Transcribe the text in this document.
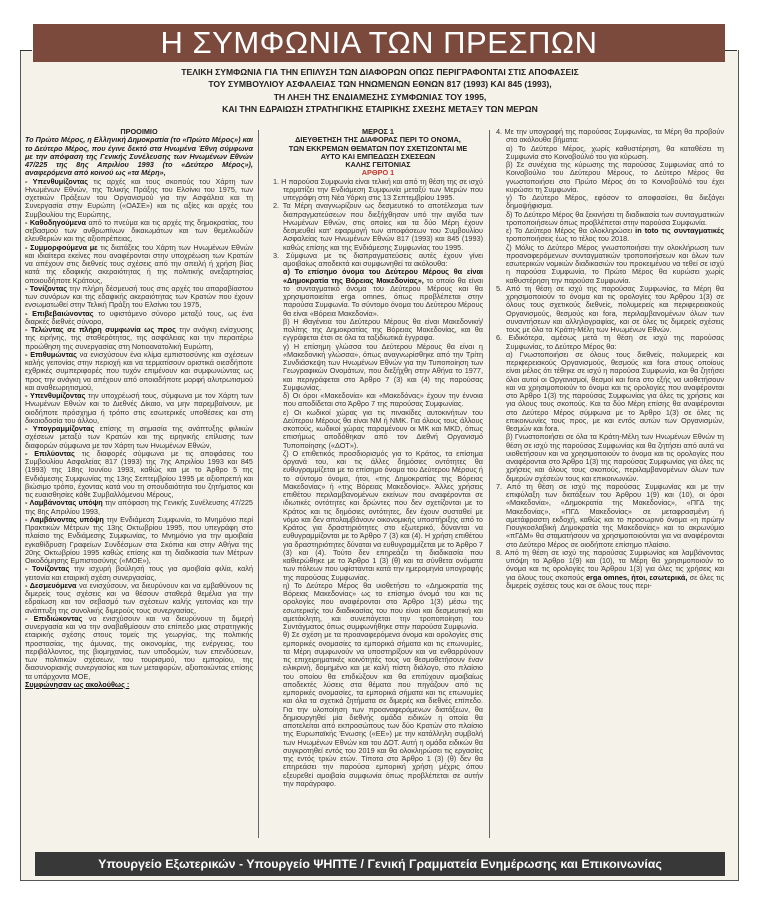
Η ΣΥΜΦΩΝΙΑ ΤΩΝ ΠΡΕΣΠΩΝ
ΤΕΛΙΚΗ ΣΥΜΦΩΝΙΑ ΓΙΑ ΤΗΝ ΕΠΙΛΥΣΗ ΤΩΝ ΔΙΑΦΟΡΩΝ ΟΠΩΣ ΠΕΡΙΓΡΑΦΟΝΤΑΙ ΣΤΙΣ ΑΠΟΦΑΣΕΙΣ
ΤΟΥ ΣΥΜΒΟΥΛΙΟΥ ΑΣΦΑΛΕΙΑΣ ΤΩΝ ΗΝΩΜΕΝΩΝ ΕΘΝΩΝ 817 (1993) ΚΑΙ 845 (1993),
ΤΗ ΛΗΞΗ ΤΗΣ ΕΝΔΙΑΜΕΣΗΣ ΣΥΜΦΩΝΙΑΣ ΤΟΥ 1995,
ΚΑΙ ΤΗΝ ΕΔΡΑΙΩΣΗ ΣΤΡΑΤΗΓΙΚΗΣ ΕΤΑΙΡΙΚΗΣ ΣΧΕΣΗΣ ΜΕΤΑΞΥ ΤΩΝ ΜΕΡΩΝ

ΠΡΟΟΙΜΙΟ

Το Πρώτο Μέρος, η Ελληνική Δημοκρατία (το «Πρώτο Μέρος») και το Δεύτερο Μέρος, που έγινε δεκτό στα Ηνωμένα Έθνη σύμφωνα με την απόφαση της Γενικής Συνέλευσης των Ηνωμένων Εθνών 47/225 της 8ης Απριλίου 1993 (το «Δεύτερο Μέρος»), αναφερόμενα από κοινού ως «τα Μέρη»,

- Υπενθυμίζοντας τις αρχές και τους σκοπούς του Χάρτη των Ηνωμένων Εθνών, της Τελικής Πράξης του Ελσίνκι του 1975, των σχετικών Πράξεων του Οργανισμού για την Ασφάλεια και τη Συνεργασία στην Ευρώπη («ΟΑΣΕ») και τις αξίες και αρχές του Συμβουλίου της Ευρώπης,

- Καθοδηγούμενα από το πνεύμα και τις αρχές της δημοκρατίας, του σεβασμού των ανθρωπίνων δικαιωμάτων και των θεμελιωδών ελευθεριών και της αξιοπρέπειας,

- Συμμορφούμενα με τις διατάξεις του Χάρτη των Ηνωμένων Εθνών και ιδιαίτερα εκείνες που αναφέρονται στην υποχρέωση των Κρατών να απέχουν στις διεθνείς τους σχέσεις από την απειλή ή χρήση βίας κατά της εδαφικής ακεραιότητας ή της πολιτικής ανεξαρτησίας οποιουδήποτε Κράτους,

- Τονίζοντας την πλήρη δέσμευσή τους στις αρχές του απαραβίαστου των συνόρων και της εδαφικής ακεραιότητας των Κρατών που έχουν ενσωματωθεί στην Τελική Πράξη του Ελσίνκι του 1975,

- Επιβεβαιώνοντας το υφιστάμενο σύνορο μεταξύ τους, ως ένα διαρκές διεθνές σύνορο,

- Τελώντας σε πλήρη συμφωνία ως προς την ανάγκη ενίσχυσης της ειρήνης, της σταθερότητας, της ασφάλειας και την περαιτέρω προώθηση της συνεργασίας στη Νοτιοανατολική Ευρώπη,

- Επιθυμώντας να ενισχύσουν ένα κλίμα εμπιστοσύνης και σχέσεων καλής γειτονίας στην περιοχή και να τερματίσουν οριστικά οιεσδήποτε εχθρικές συμπεριφορές που τυχόν επιμένουν και συμφωνώντας ως προς την ανάγκη να απέχουν από οποιαδήποτε μορφή αλυτρωτισμού και αναθεωρητισμού,

- Υπενθυμίζοντας την υποχρέωσή τους, σύμφωνα με τον Χάρτη των Ηνωμένων Εθνών και το Διεθνές Δίκαιο, να μην παρεμβαίνουν, με οιοδήποτε πρόσχημα ή τρόπο στις εσωτερικές υποθέσεις και στη δικαιοδοσία του άλλου,

- Υπογραμμίζοντας επίσης τη σημασία της ανάπτυξης φιλικών σχέσεων μεταξύ των Κρατών και της ειρηνικής επίλυσης των διαφορών σύμφωνα με τον Χάρτη των Ηνωμένων Εθνών,

- Επιλύοντας τις διαφορές σύμφωνα με τις αποφάσεις του Συμβουλίου Ασφαλείας 817 (1993) της 7ης Απριλίου 1993 και 845 (1993) της 18ης Ιουνίου 1993, καθώς και με το Άρθρο 5 της Ενδιάμεσης Συμφωνίας της 13ης Σεπτεμβρίου 1995 με αξιοπρεπή και βιώσιμο τρόπο, έχοντας κατά νου τη σπουδαιότητα του ζητήματος και τις ευαισθησίες κάθε Συμβαλλόμενου Μέρους,

- Λαμβάνοντας υπόψη την απόφαση της Γενικής Συνέλευσης 47/225 της 8ης Απριλίου 1993,

- Λαμβάνοντας υπόψη την Ενδιάμεση Συμφωνία, το Μνημόνιο περί Πρακτικών Μέτρων της 13ης Οκτωβρίου 1995, που υπεγράφη στο πλαίσιο της Ενδιάμεσης Συμφωνίας, το Μνημόνιο για την αμοιβαία εγκαθίδρυση Γραφείων Συνδέσμων στα Σκόπια και στην Αθήνα της 20ης Οκτωβρίου 1995 καθώς επίσης και τη διαδικασία των Μέτρων Οικοδόμησης Εμπιστοσύνης («ΜΟΕ»),

- Τονίζοντας την ισχυρή βούλησή τους για αμοιβαία φιλία, καλή γειτονία και εταιρική σχέση συνεργασίας,

- Δεσμευόμενα να ενισχύσουν, να διευρύνουν και να εμβαθύνουν τις διμερείς τους σχέσεις και να θέσουν σταθερά θεμέλια για την εδραίωση και τον σεβασμό των σχέσεων καλής γειτονίας και την ανάπτυξη της συνολικής διμερούς τους συνεργασίας,

- Επιδιώκοντας να ενισχύσουν και να διευρύνουν τη διμερή συνεργασία και να την αναβαθμίσουν στο επίπεδο μιας στρατηγικής εταιρικής σχέσης στους τομείς της γεωργίας, της πολιτικής προστασίας, της άμυνας, της οικονομίας, της ενέργειας, του περιβάλλοντος, της βιομηχανίας, των υποδομών, των επενδύσεων, των πολιτικών σχέσεων, του τουρισμού, του εμπορίου, της διασυνοριακής συνεργασίας και των μεταφορών, αξιοποιώντας επίσης τα υπάρχοντα ΜΟΕ,

Συμφώνησαν ως ακολούθως :

ΜΕΡΟΣ 1

ΔΙΕΥΘΕΤΗΣΗ ΤΗΣ ΔΙΑΦΟΡΑΣ ΠΕΡΙ ΤΟ ΟΝΟΜΑ,

ΤΩΝ ΕΚΚΡΕΜΩΝ ΘΕΜΑΤΩΝ ΠΟΥ ΣΧΕΤΙΖΟΝΤΑΙ ΜΕ

ΑΥΤΟ ΚΑΙ ΕΜΠΕΔΩΣΗ ΣΧΕΣΕΩΝ

ΚΑΛΗΣ ΓΕΙΤΟΝΙΑΣ

ΑΡΘΡΟ 1

1. Η παρούσα Συμφωνία είναι τελική και από τη θέση της σε ισχύ τερματίζει την Ενδιάμεση Συμφωνία μεταξύ των Μερών που υπεγράφη στη Νέα Υόρκη στις 13 Σεπτεμβρίου 1995.

2. Τα Μέρη αναγνωρίζουν ως δεσμευτικό το αποτέλεσμα των διαπραγματεύσεων που διεξήχθησαν υπό την αιγίδα των Ηνωμένων Εθνών, στις οποίες και τα δύο Μέρη έχουν δεσμευθεί κατ' εφαρμογή των αποφάσεων του Συμβουλίου Ασφαλείας των Ηνωμένων Εθνών 817 (1993) και 845 (1993) καθώς επίσης και της Ενδιάμεσης Συμφωνίας του 1995.

3. Σύμφωνα με τις διαπραγματεύσεις αυτές έχουν γίνει αμοιβαίως αποδεκτά και συμφωνηθεί τα ακόλουθα:

α) Το επίσημο όνομα του Δεύτερου Μέρους θα είναι «Δημοκρατία της Βόρειας Μακεδονίας», το οποίο θα είναι το συνταγματικό όνομα του Δεύτερου Μέρους και θα χρησιμοποιείται erga omnes, όπως προβλέπεται στην παρούσα Συμφωνία. Το σύντομο όνομα του Δεύτερου Μέρους θα είναι «Βόρεια Μακεδονία».

β) Η ιθαγένεια του Δεύτερου Μέρους θα είναι Μακεδονική/πολίτης της Δημοκρατίας της Βόρειας Μακεδονίας, και θα εγγράφεται έτσι σε όλα τα ταξιδιωτικά έγγραφα.

γ) Η επίσημη γλώσσα του Δεύτερου Μέρους θα είναι η «Μακεδονική γλώσσα», όπως αναγνωρίσθηκε από την Τρίτη Συνδιάσκεψη των Ηνωμένων Εθνών για την Τυποποίηση των Γεωγραφικών Ονομάτων, που διεξήχθη στην Αθήνα το 1977, και περιγράφεται στο Άρθρο 7 (3) και (4) της παρούσας Συμφωνίας.

δ) Οι όροι «Μακεδονία» και «Μακεδόνας» έχουν την έννοια που αποδίδεται στο Άρθρο 7 της παρούσας Συμφωνίας.

ε) Οι κωδικοί χώρας για τις πινακίδες αυτοκινήτων του Δεύτερου Μέρους θα είναι NM ή NMK. Για όλους τους άλλους σκοπούς, κωδικοί χώρας παραμένουν οι MK και MKD, όπως επισήμως αποδόθηκαν από τον Διεθνή Οργανισμό Τυποποίησης («ΔΟΤ»).

ζ) Ο επιθετικός προσδιορισμός για το Κράτος, τα επίσημα όργανά του, και τις άλλες δημόσιες οντότητες θα ευθυγραμμίζεται με το επίσημο όνομα του Δεύτερου Μέρους ή το σύντομο όνομα, ήτοι, «της Δημοκρατίας της Βόρειας Μακεδονίας» ή «της Βόρειας Μακεδονίας». Άλλες χρήσεις επιθέτου περιλαμβανομένων εκείνων που αναφέρονται σε ιδιωτικές οντότητες και δρώντες που δεν σχετίζονται με το Κράτος και τις δημόσιες οντότητες, δεν έχουν συσταθεί με νόμο και δεν απολαμβάνουν οικονομικής υποστήριξης από το Κράτος για δραστηριότητες στο εξωτερικό, δύνανται να ευθυγραμμίζονται με το Άρθρο 7 (3) και (4). Η χρήση επιθέτου για δραστηριότητες δύναται να ευθυγραμμίζεται με το Άρθρο 7 (3) και (4). Τούτο δεν επηρεάζει τη διαδικασία που καθιερώθηκε με το Άρθρο 1 (3) (θ) και τα σύνθετα ονόματα των πόλεων που υφίστανται κατά την ημερομηνία υπογραφής της παρούσας Συμφωνίας.

η) Το Δεύτερο Μέρος θα υιοθετήσει το «Δημοκρατία της Βόρειας Μακεδονίας» ως το επίσημο όνομά του και τις ορολογίες που αναφέρονται στο Άρθρο 1(3) μέσω της εσωτερικής του διαδικασίας του που είναι και δεσμευτική και αμετάκλητη, και συνεπάγεται την τροποποίηση του Συντάγματος όπως συμφωνήθηκε στην παρούσα Συμφωνία.

θ) Σε σχέση με τα προαναφερόμενα όνομα και ορολογίες στις εμπορικές ονομασίες τα εμπορικά σήματα και τις επωνυμίες, τα Μέρη συμφωνούν να υποστηρίξουν και να ενθαρρύνουν τις επιχειρηματικές κοινότητές τους να θεσμοθετήσουν έναν ειλικρινή, δομημένο και με καλή πίστη διάλογο, στο πλαίσιο του οποίου θα επιδιώξουν και θα επιτύχουν αμοιβαίως αποδεκτές λύσεις στα θέματα που πηγάζουν από τις εμπορικές ονομασίες, τα εμπορικά σήματα και τις επωνυμίες και όλα τα σχετικά ζητήματα σε διμερές και διεθνές επίπεδο. Για την υλοποίηση των προαναφερόμενων διατάξεων, θα δημιουργηθεί μία διεθνής ομάδα ειδικών η οποία θα αποτελείται από εκπροσώπους των δύο Κρατών στο πλαίσιο της Ευρωπαϊκής Ένωσης («ΕΕ») με την κατάλληλη συμβολή των Ηνωμένων Εθνών και του ΔΟΤ. Αυτή η ομάδα ειδικών θα συγκροτηθεί εντός του 2019 και θα ολοκληρώσει τις εργασίες της εντός τριών ετών. Τίποτα στο Άρθρο 1 (3) (θ) δεν θα επηρεάσει την παρούσα εμπορική χρήση μέχρις όπου εξευρεθεί αμοιβαία συμφωνία όπως προβλέπεται σε αυτήν την παράγραφο.

4. Με την υπογραφή της παρούσας Συμφωνίας, τα Μέρη θα προβούν στα ακόλουθα βήματα:

α) Το Δεύτερο Μέρος, χωρίς καθυστέρηση, θα καταθέσει τη Συμφωνία στο Κοινοβούλιό του για κύρωση.

β) Σε συνέχεια της κύρωσης της παρούσας Συμφωνίας από το Κοινοβούλιο του Δεύτερου Μέρους, το Δεύτερο Μέρος θα γνωστοποιήσει στο Πρώτο Μέρος ότι το Κοινοβούλιό του έχει κυρώσει τη Συμφωνία.

γ) Το Δεύτερο Μέρος, εφόσον το αποφασίσει, θα διεξάγει δημοψήφισμα.

δ) Το Δεύτερο Μέρος θα ξεκινήσει τη διαδικασία των συνταγματικών τροποποιήσεων όπως προβλέπεται στην παρούσα Συμφωνία.

ε) Το Δεύτερο Μέρος θα ολοκληρώσει in toto τις συνταγματικές τροποποιήσεις έως το τέλος του 2018.

ζ) Μόλις το Δεύτερο Μέρος γνωστοποιήσει την ολοκλήρωση των προαναφερόμενων συνταγματικών τροποποιήσεων και όλων των εσωτερικών νομικών διαδικασιών του προκειμένου να τεθεί σε ισχύ η παρούσα Συμφωνία, το Πρώτο Μέρος θα κυρώσει χωρίς καθυστέρηση την παρούσα Συμφωνία.

5. Από τη θέση σε ισχύ της παρούσας Συμφωνίας, τα Μέρη θα χρησιμοποιούν το όνομα και τις ορολογίες του Άρθρου 1(3) σε όλους τους σχετικούς διεθνείς, πολυμερείς και περιφερειακούς Οργανισμούς, θεσμούς και fora, περιλαμβανομένων όλων των συναντήσεων και αλληλογραφίας, και σε όλες τις διμερείς σχέσεις τους με όλα τα Κράτη-Μέλη των Ηνωμένων Εθνών.

6. Ειδικότερα, αμέσως μετά τη θέση σε ισχύ της παρούσας Συμφωνίας, το Δεύτερο Μέρος θα:

α) Γνωστοποιήσει σε όλους τους διεθνείς, πολυμερείς και περιφερειακούς Οργανισμούς, θεσμούς και fora στους οποίους είναι μέλος ότι τέθηκε σε ισχύ η παρούσα Συμφωνία, και θα ζητήσει όλοι αυτοί οι Οργανισμοί, θεσμοί και fora στο εξής να υιοθετήσουν και να χρησιμοποιούν το όνομα και τις ορολογίες που αναφέρονται στο Άρθρο 1(3) της παρούσας Συμφωνίας για όλες τις χρήσεις και για όλους τους σκοπούς. Και τα δύο Μέρη επίσης θα αναφέρονται στο Δεύτερο Μέρος σύμφωνα με το Άρθρο 1(3) σε όλες τις επικοινωνίες τους προς, με και εντός αυτών των Οργανισμών, θεσμών και fora.

β) Γνωστοποιήσει σε όλα τα Κράτη-Μέλη των Ηνωμένων Εθνών τη θέση σε ισχύ της παρούσας Συμφωνίας και θα ζητήσει από αυτά να υιοθετήσουν και να χρησιμοποιούν το όνομα και τις ορολογίες που αναφέρονται στο Άρθρο 1(3) της παρούσας Συμφωνίας για όλες τις χρήσεις και όλους τους σκοπούς, περιλαμβανομένων όλων των διμερών σχέσεών τους και επικοινωνιών.

7. Από τη θέση σε ισχύ της παρούσας Συμφωνίας και με την επιφύλαξη των διατάξεων του Άρθρου 1(9) και (10), οι όροι «Μακεδονία», «Δημοκρατία της Μακεδονίας», «ΠΓΔ της Μακεδονίας», «ΠΓΔ Μακεδονίας» σε μεταφρασμένη ή αμετάφραστη εκδοχή, καθώς και το προσωρινό όνομα «η πρώην Γιουγκοσλαβική Δημοκρατία της Μακεδονίας» και το ακρωνύμιο «πΓΔΜ» θα σταματήσουν να χρησιμοποιούνται για να αναφέρονται στο Δεύτερο Μέρος σε οιοδήποτε επίσημο πλαίσιο.

8. Από τη θέση σε ισχύ της παρούσας Συμφωνίας και λαμβάνοντας υπόψη το Άρθρο 1(9) και (10), τα Μέρη θα χρησιμοποιούν το όνομα και τις ορολογίες του Άρθρου 1(3) για όλες τις χρήσεις και για όλους τους σκοπούς erga omnes, ήτοι, εσωτερικά, σε όλες τις διμερείς σχέσεις τους και σε όλους τους περι-

Υπουργείο Εξωτερικών - Υπουργείο ΨΗΠΤΕ / Γενική Γραμματεία Ενημέρωσης και Επικοινωνίας
